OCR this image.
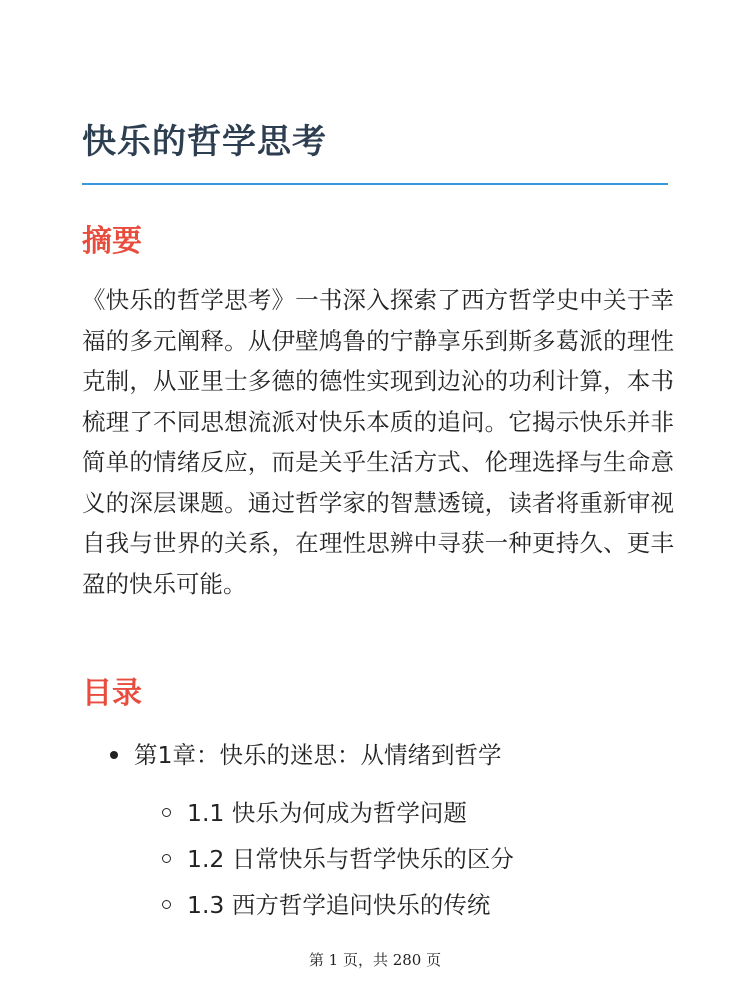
快乐的哲学思考
摘要

《快乐的哲学思考》一书深入探索了西方哲学史中关于幸福的多元阐释。从伊壁鸠鲁的宁静享乐到斯多葛派的理性克制，从亚里士多德的德性实现到边沁的功利计算，本书梳理了不同思想流派对快乐本质的追问。它揭示快乐并非简单的情绪反应，而是关乎生活方式、伦理选择与生命意义的深层课题。通过哲学家的智慧透镜，读者将重新审视自我与世界的关系，在理性思辨中寻获一种更持久、更丰盈的快乐可能。

目录
第1章：快乐的迷思：从情绪到哲学
1.1 快乐为何成为哲学问题
1.2 日常快乐与哲学快乐的区分
1.3 西方哲学追问快乐的传统
第 1 页，共 280 页
